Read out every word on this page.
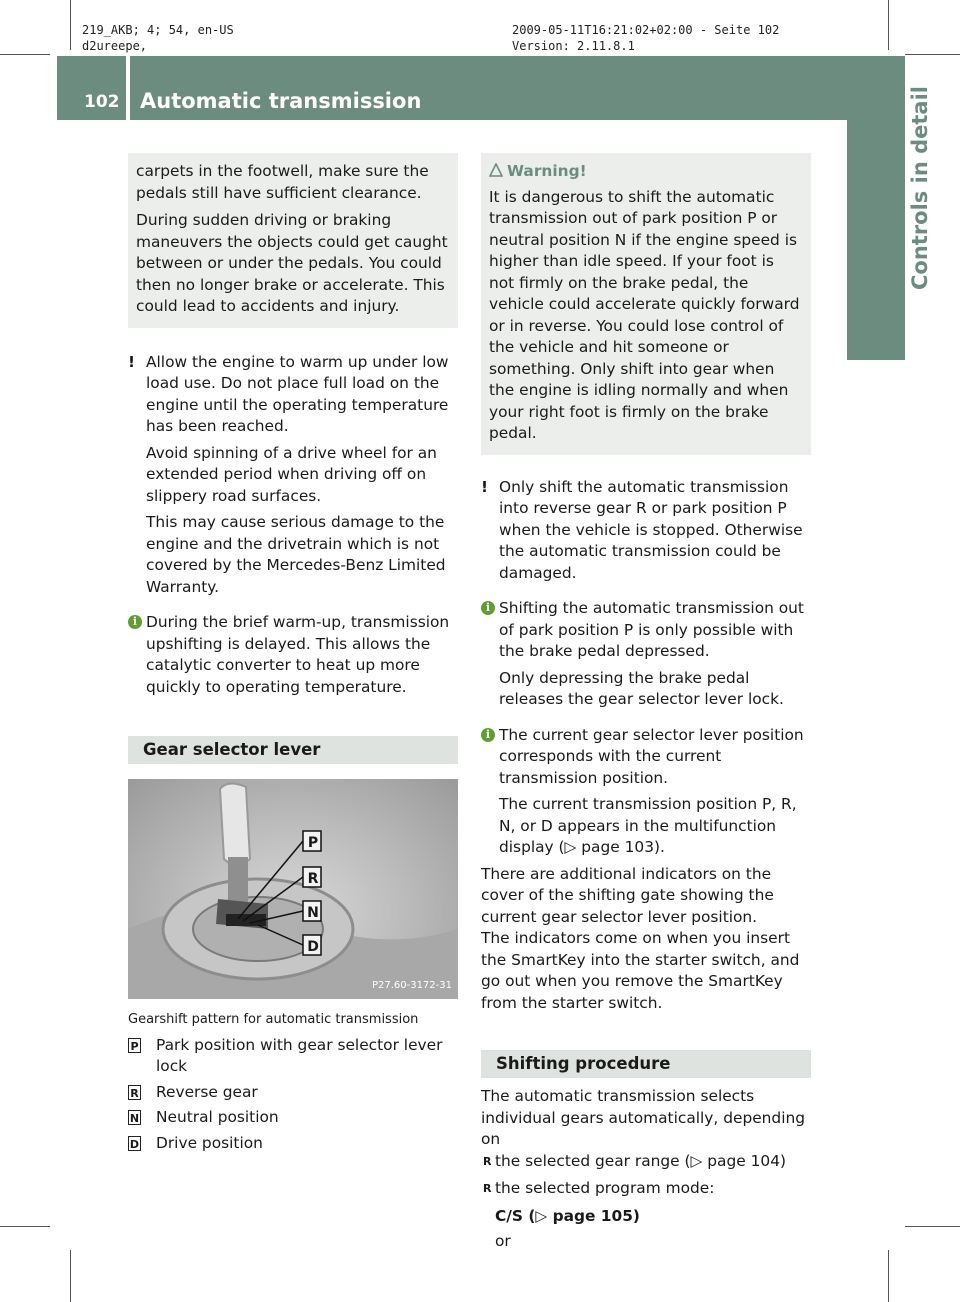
219_AKB; 4; 54, en-US
d2ureepe,
2009-05-11T16:21:02+02:00 - Seite 102
Version: 2.11.8.1
102 Automatic transmission	Controls in detail

carpets in the footwell, make sure the pedals still have sufficient clearance.

During sudden driving or braking maneuvers the objects could get caught between or under the pedals. You could then no longer brake or accelerate. This could lead to accidents and injury.

! Allow the engine to warm up under low load use. Do not place full load on the engine until the operating temperature has been reached.

Avoid spinning of a drive wheel for an extended period when driving off on slippery road surfaces.

This may cause serious damage to the engine and the drivetrain which is not covered by the Mercedes-Benz Limited Warranty.

i During the brief warm-up, transmission upshifting is delayed. This allows the catalytic converter to heat up more quickly to operating temperature.

Gear selector lever
P
R
N
D
P27.60-3172-31

Gearshift pattern for automatic transmission

P Park position with gear selector lever lock
R Reverse gear
N Neutral position
D Drive position
Warning!

It is dangerous to shift the automatic transmission out of park position P or neutral position N if the engine speed is higher than idle speed. If your foot is not firmly on the brake pedal, the vehicle could accelerate quickly forward or in reverse. You could lose control of the vehicle and hit someone or something. Only shift into gear when the engine is idling normally and when your right foot is firmly on the brake pedal.

! Only shift the automatic transmission into reverse gear R or park position P when the vehicle is stopped. Otherwise the automatic transmission could be damaged.

i Shifting the automatic transmission out of park position P is only possible with the brake pedal depressed.

Only depressing the brake pedal releases the gear selector lever lock.

i The current gear selector lever position corresponds with the current transmission position.

The current transmission position P, R, N, or D appears in the multifunction display (▷ page 103).

There are additional indicators on the cover of the shifting gate showing the current gear selector lever position.

The indicators come on when you insert the SmartKey into the starter switch, and go out when you remove the SmartKey from the starter switch.

Shifting procedure

The automatic transmission selects individual gears automatically, depending on

R the selected gear range (▷ page 104)
R the selected program mode:

C/S (▷ page 105)

or
